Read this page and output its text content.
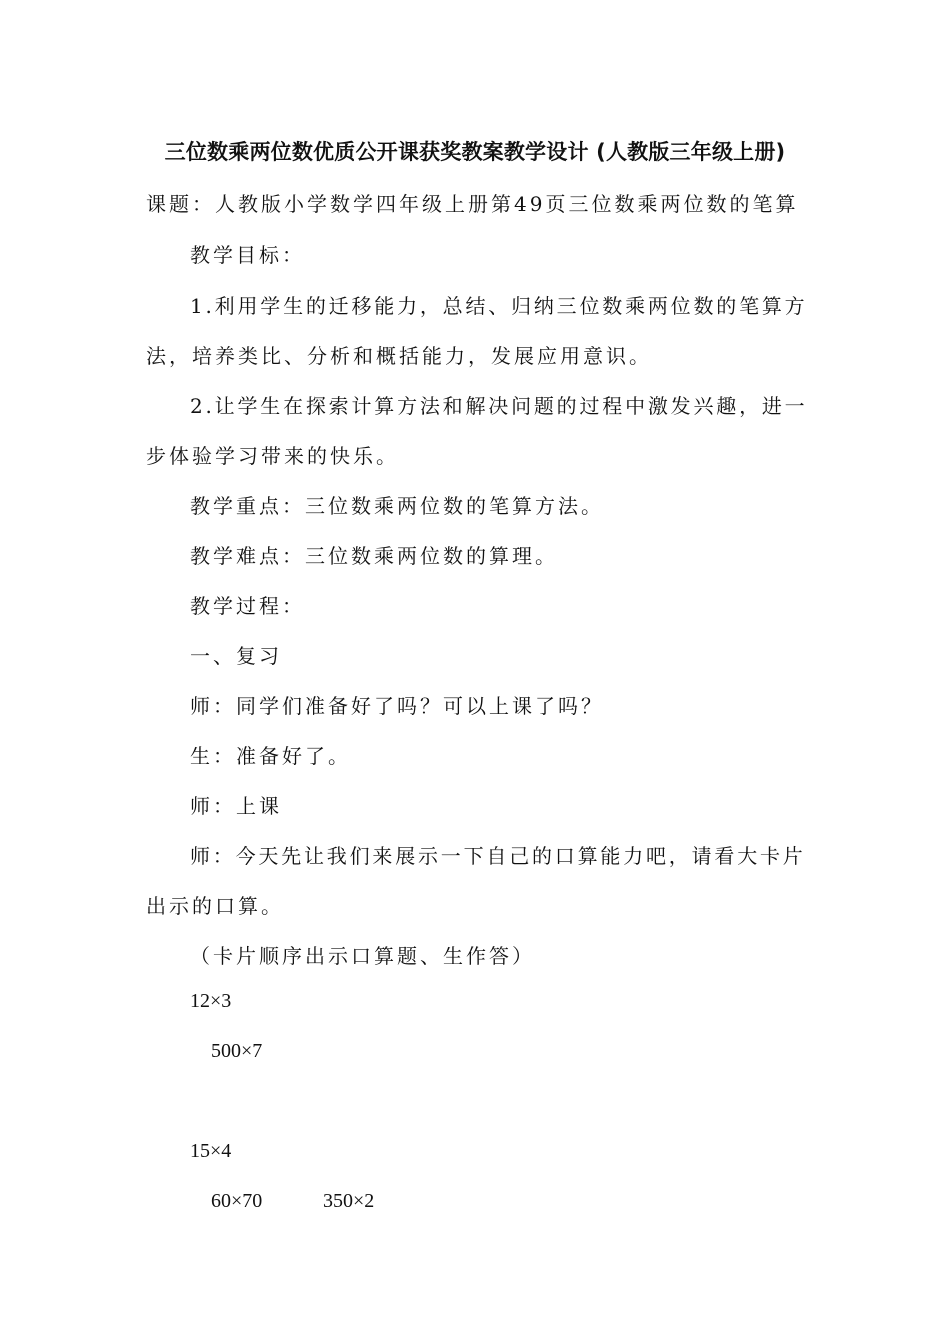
三位数乘两位数优质公开课获奖教案教学设计 (人教版三年级上册)
课题：人教版小学数学四年级上册第49页三位数乘两位数的笔算
教学目标：
1.利用学生的迁移能力，总结、归纳三位数乘两位数的笔算方
法，培养类比、分析和概括能力，发展应用意识。
2.让学生在探索计算方法和解决问题的过程中激发兴趣，进一
步体验学习带来的快乐。
教学重点：三位数乘两位数的笔算方法。
教学难点：三位数乘两位数的算理。
教学过程：
一、复习
师：同学们准备好了吗？可以上课了吗？
生：准备好了。
师：上课
师：今天先让我们来展示一下自己的口算能力吧，请看大卡片
出示的口算。
（卡片顺序出示口算题、生作答）
12×3
500×7
15×4
60×70	350×2
